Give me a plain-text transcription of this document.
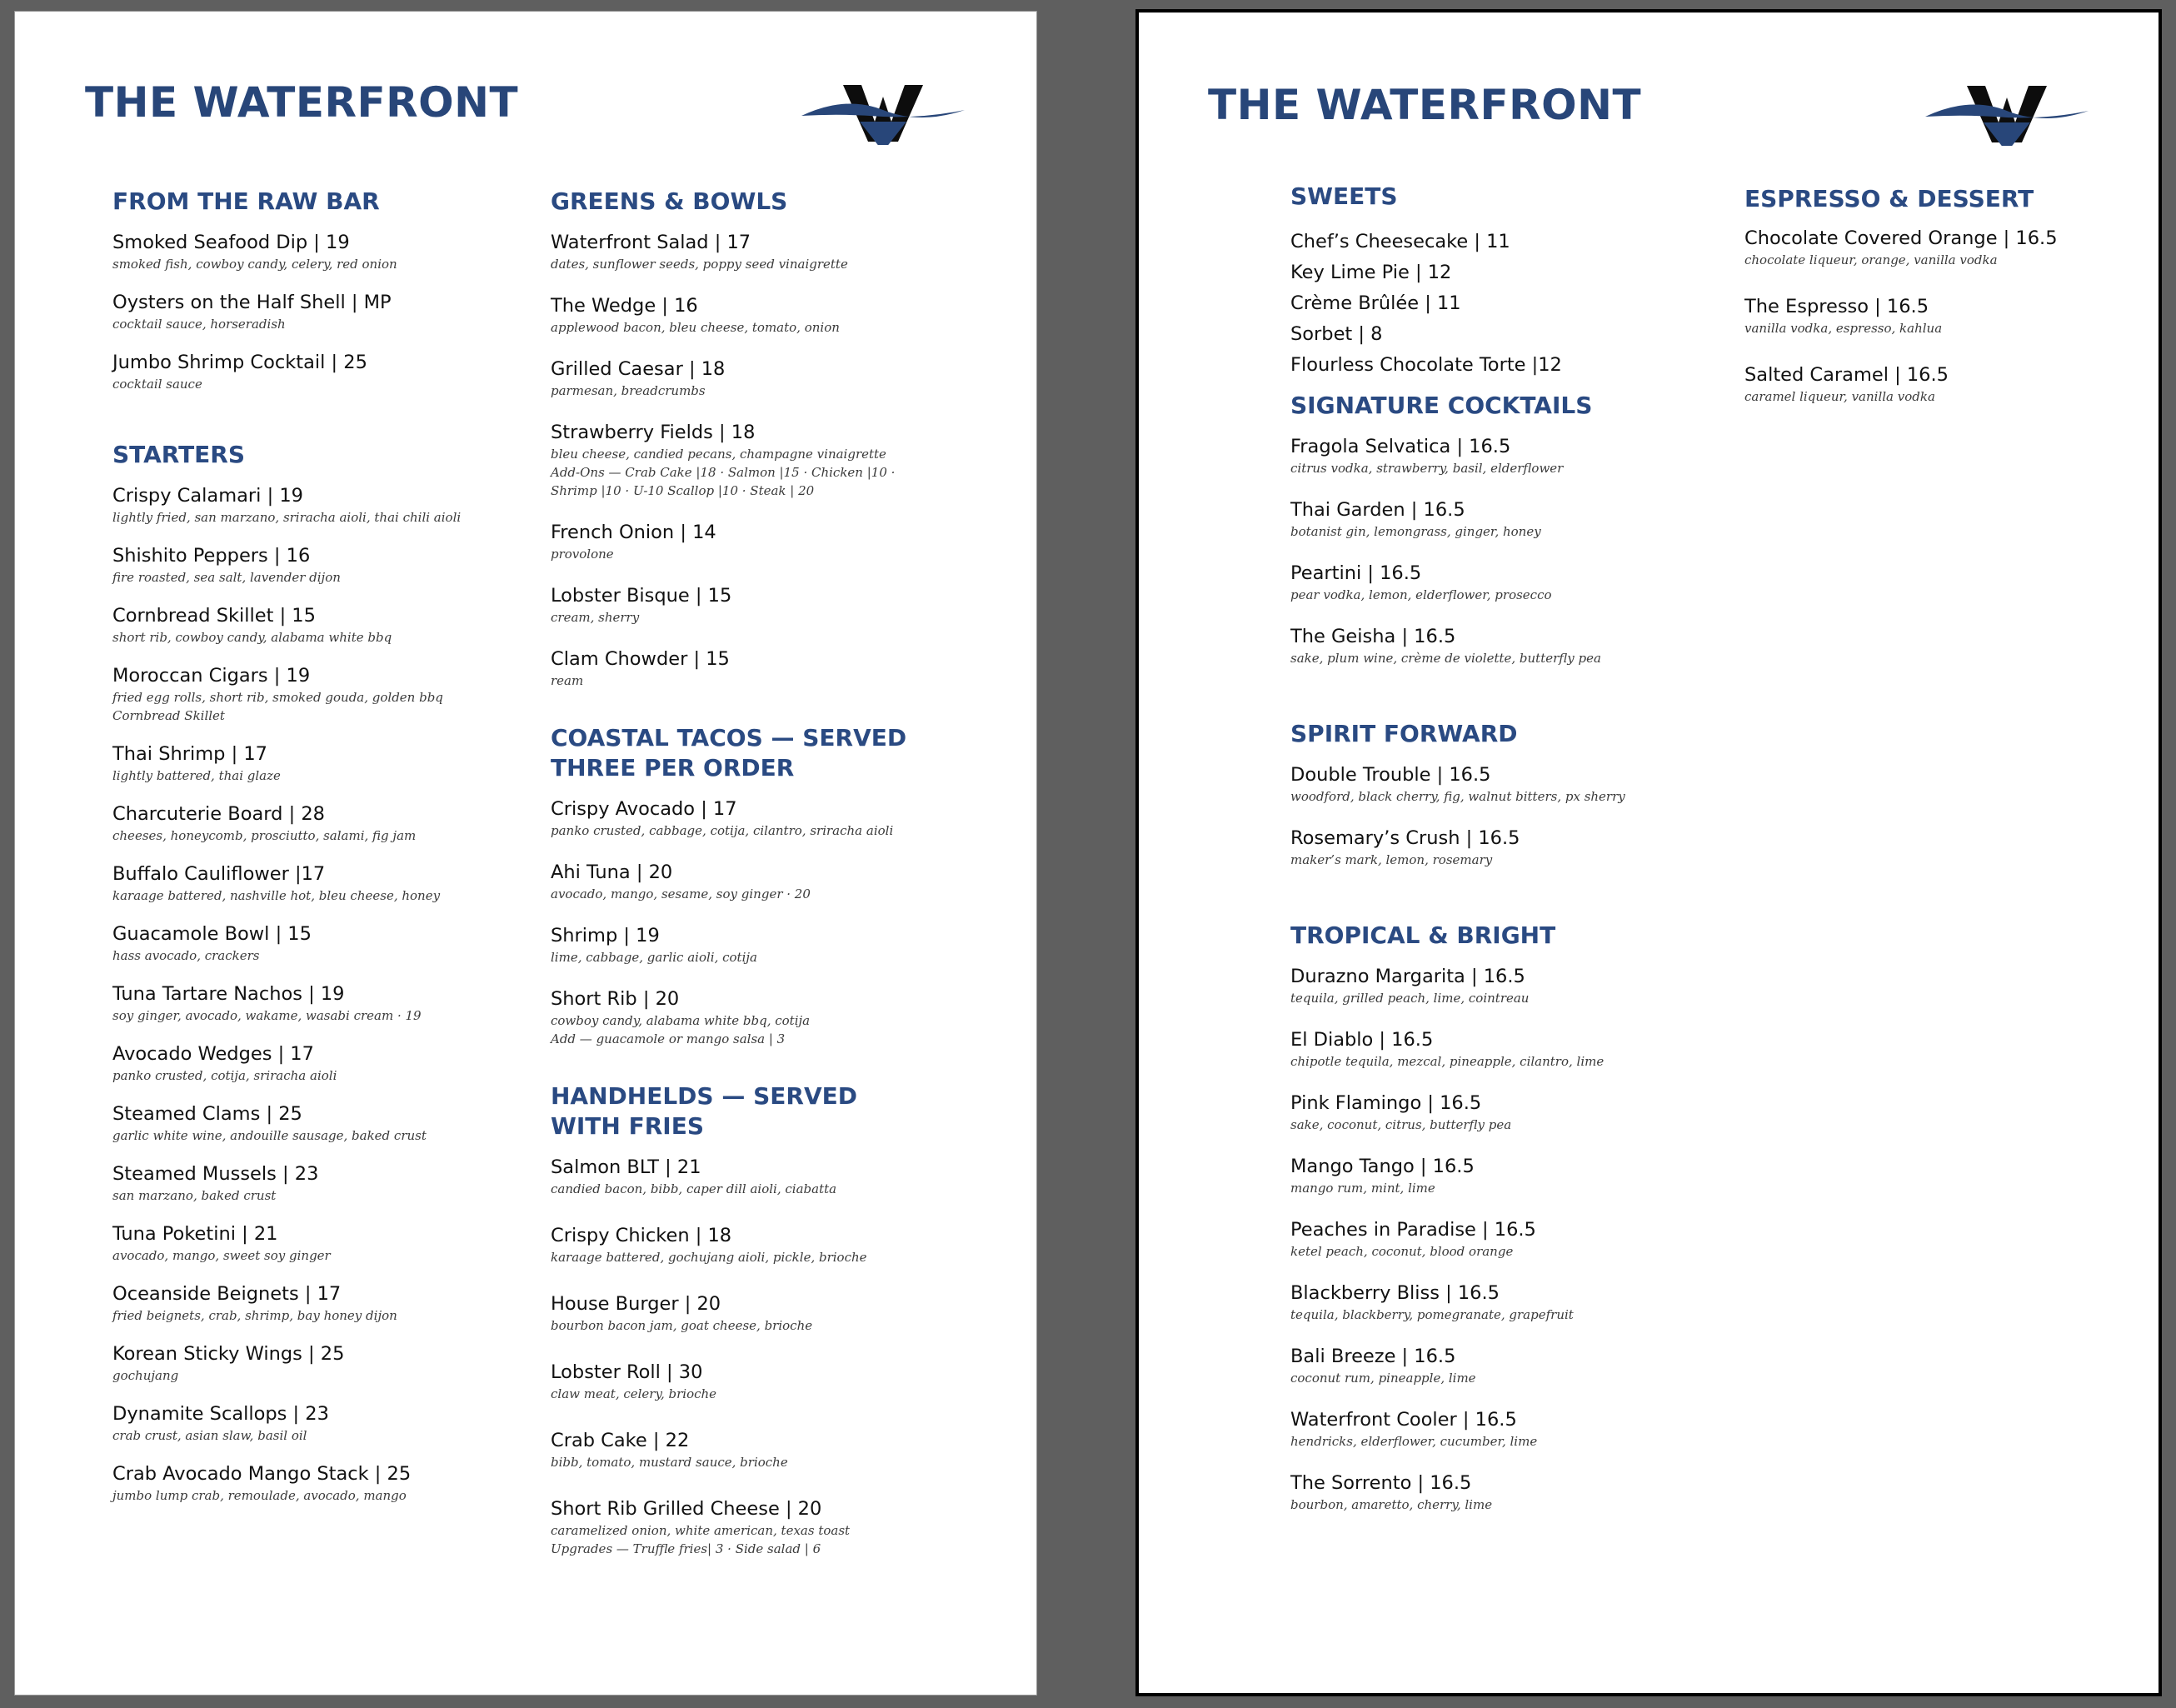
THE WATERFRONT
FROM THE RAW BAR
Smoked Seafood Dip | 19
smoked fish, cowboy candy, celery, red onion
Oysters on the Half Shell | MP
cocktail sauce, horseradish
Jumbo Shrimp Cocktail | 25
cocktail sauce
STARTERS
Crispy Calamari | 19
lightly fried, san marzano, sriracha aioli, thai chili aioli
Shishito Peppers | 16
fire roasted, sea salt, lavender dijon
Cornbread Skillet | 15
short rib, cowboy candy, alabama white bbq
Moroccan Cigars | 19
fried egg rolls, short rib, smoked gouda, golden bbq
Cornbread Skillet
Thai Shrimp | 17
lightly battered, thai glaze
Charcuterie Board | 28
cheeses, honeycomb, prosciutto, salami, fig jam
Buffalo Cauliflower |17
karaage battered, nashville hot, bleu cheese, honey
Guacamole Bowl | 15
hass avocado, crackers
Tuna Tartare Nachos | 19
soy ginger, avocado, wakame, wasabi cream · 19
Avocado Wedges | 17
panko crusted, cotija, sriracha aioli
Steamed Clams | 25
garlic white wine, andouille sausage, baked crust
Steamed Mussels | 23
san marzano, baked crust
Tuna Poketini | 21
avocado, mango, sweet soy ginger
Oceanside Beignets | 17
fried beignets, crab, shrimp, bay honey dijon
Korean Sticky Wings | 25
gochujang
Dynamite Scallops | 23
crab crust, asian slaw, basil oil
Crab Avocado Mango Stack | 25
jumbo lump crab, remoulade, avocado, mango
GREENS & BOWLS
Waterfront Salad | 17
dates, sunflower seeds, poppy seed vinaigrette
The Wedge | 16
applewood bacon, bleu cheese, tomato, onion
Grilled Caesar | 18
parmesan, breadcrumbs
Strawberry Fields | 18
bleu cheese, candied pecans, champagne vinaigrette
Add-Ons — Crab Cake |18 · Salmon |15 · Chicken |10 ·
Shrimp |10 · U-10 Scallop |10 · Steak | 20
French Onion | 14
provolone
Lobster Bisque | 15
cream, sherry
Clam Chowder | 15
ream
COASTAL TACOS — SERVED
THREE PER ORDER
Crispy Avocado | 17
panko crusted, cabbage, cotija, cilantro, sriracha aioli
Ahi Tuna | 20
avocado, mango, sesame, soy ginger · 20
Shrimp | 19
lime, cabbage, garlic aioli, cotija
Short Rib | 20
cowboy candy, alabama white bbq, cotija
Add — guacamole or mango salsa | 3
HANDHELDS — SERVED
WITH FRIES
Salmon BLT | 21
candied bacon, bibb, caper dill aioli, ciabatta
Crispy Chicken | 18
karaage battered, gochujang aioli, pickle, brioche
House Burger | 20
bourbon bacon jam, goat cheese, brioche
Lobster Roll | 30
claw meat, celery, brioche
Crab Cake | 22
bibb, tomato, mustard sauce, brioche
Short Rib Grilled Cheese | 20
caramelized onion, white american, texas toast
Upgrades — Truffle fries| 3 · Side salad | 6
THE WATERFRONT
SWEETS
Chef’s Cheesecake | 11
Key Lime Pie | 12
Crème Brûlée | 11
Sorbet | 8
Flourless Chocolate Torte |12
SIGNATURE COCKTAILS
Fragola Selvatica | 16.5
citrus vodka, strawberry, basil, elderflower
Thai Garden | 16.5
botanist gin, lemongrass, ginger, honey
Peartini | 16.5
pear vodka, lemon, elderflower, prosecco
The Geisha | 16.5
sake, plum wine, crème de violette, butterfly pea
SPIRIT FORWARD
Double Trouble | 16.5
woodford, black cherry, fig, walnut bitters, px sherry
Rosemary’s Crush | 16.5
maker’s mark, lemon, rosemary
TROPICAL & BRIGHT
Durazno Margarita | 16.5
tequila, grilled peach, lime, cointreau
El Diablo | 16.5
chipotle tequila, mezcal, pineapple, cilantro, lime
Pink Flamingo | 16.5
sake, coconut, citrus, butterfly pea
Mango Tango | 16.5
mango rum, mint, lime
Peaches in Paradise | 16.5
ketel peach, coconut, blood orange
Blackberry Bliss | 16.5
tequila, blackberry, pomegranate, grapefruit
Bali Breeze | 16.5
coconut rum, pineapple, lime
Waterfront Cooler | 16.5
hendricks, elderflower, cucumber, lime
The Sorrento | 16.5
bourbon, amaretto, cherry, lime
ESPRESSO & DESSERT
Chocolate Covered Orange | 16.5
chocolate liqueur, orange, vanilla vodka
The Espresso | 16.5
vanilla vodka, espresso, kahlua
Salted Caramel | 16.5
caramel liqueur, vanilla vodka
